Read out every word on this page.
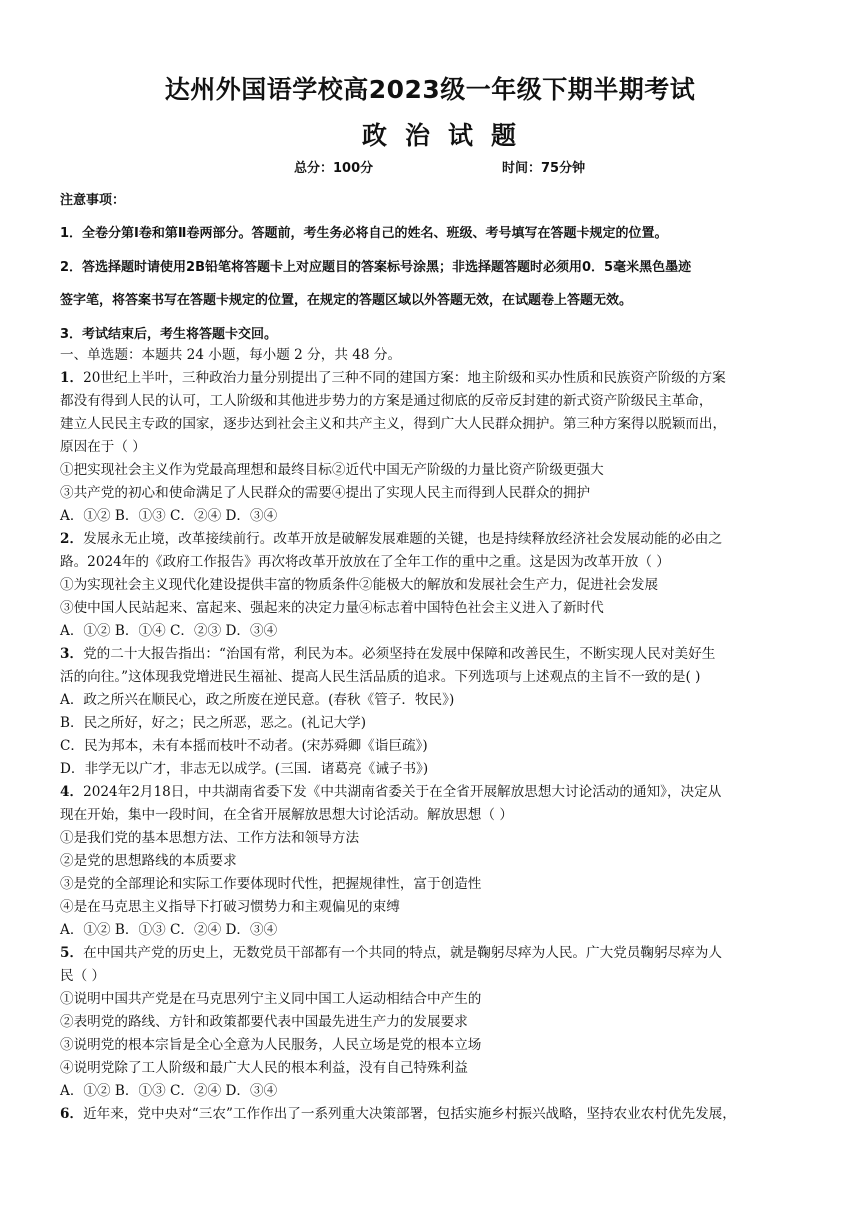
达州外国语学校高2023级一年级下期半期考试
政治试题
总分：100分	时间：75分钟
注意事项：
1．全卷分第Ⅰ卷和第Ⅱ卷两部分。答题前，考生务必将自己的姓名、班级、考号填写在答题卡规定的位置。
2．答选择题时请使用2B铅笔将答题卡上对应题目的答案标号涂黑；非选择题答题时必须用0．5毫米黑色墨迹
签字笔，将答案书写在答题卡规定的位置，在规定的答题区域以外答题无效，在试题卷上答题无效。
3．考试结束后，考生将答题卡交回。

一、单选题：本题共 24 小题，每小题 2 分，共 48 分。

1．20世纪上半叶，三种政治力量分别提出了三种不同的建国方案：地主阶级和买办性质和民族资产阶级的方案

都没有得到人民的认可，工人阶级和其他进步势力的方案是通过彻底的反帝反封建的新式资产阶级民主革命，

建立人民民主专政的国家，逐步达到社会主义和共产主义，得到广大人民群众拥护。第三种方案得以脱颖而出，

原因在于（ ）

①把实现社会主义作为党最高理想和最终目标②近代中国无产阶级的力量比资产阶级更强大

③共产党的初心和使命满足了人民群众的需要④提出了实现人民主而得到人民群众的拥护

A．①② B．①③ C．②④ D．③④

2．发展永无止境，改革接续前行。改革开放是破解发展难题的关键，也是持续释放经济社会发展动能的必由之

路。2024年的《政府工作报告》再次将改革开放放在了全年工作的重中之重。这是因为改革开放（ ）

①为实现社会主义现代化建设提供丰富的物质条件②能极大的解放和发展社会生产力，促进社会发展

③使中国人民站起来、富起来、强起来的决定力量④标志着中国特色社会主义进入了新时代

A．①② B．①④ C．②③ D．③④

3．党的二十大报告指出：“治国有常，利民为本。必须坚持在发展中保障和改善民生，不断实现人民对美好生

活的向往。”这体现我党增进民生福祉、提高人民生活品质的追求。下列选项与上述观点的主旨不一致的是( )

A．政之所兴在顺民心，政之所废在逆民意。(春秋《管子．牧民》)

B．民之所好，好之；民之所恶，恶之。(礼记大学)

C．民为邦本，未有本摇而枝叶不动者。(宋苏舜卿《诣巨疏》)

D．非学无以广才，非志无以成学。(三国．诸葛亮《诫子书》)

4．2024年2月18日，中共湖南省委下发《中共湖南省委关于在全省开展解放思想大讨论活动的通知》，决定从

现在开始，集中一段时间，在全省开展解放思想大讨论活动。解放思想（ ）

①是我们党的基本思想方法、工作方法和领导方法

②是党的思想路线的本质要求

③是党的全部理论和实际工作要体现时代性，把握规律性，富于创造性

④是在马克思主义指导下打破习惯势力和主观偏见的束缚

A．①② B．①③ C．②④ D．③④

5．在中国共产党的历史上，无数党员干部都有一个共同的特点，就是鞠躬尽瘁为人民。广大党员鞠躬尽瘁为人

民（ ）

①说明中国共产党是在马克思列宁主义同中国工人运动相结合中产生的

②表明党的路线、方针和政策都要代表中国最先进生产力的发展要求

③说明党的根本宗旨是全心全意为人民服务，人民立场是党的根本立场

④说明党除了工人阶级和最广大人民的根本利益，没有自己特殊利益

A．①② B．①③ C．②④ D．③④

6．近年来，党中央对“三农”工作作出了一系列重大决策部署，包括实施乡村振兴战略，坚持农业农村优先发展，
